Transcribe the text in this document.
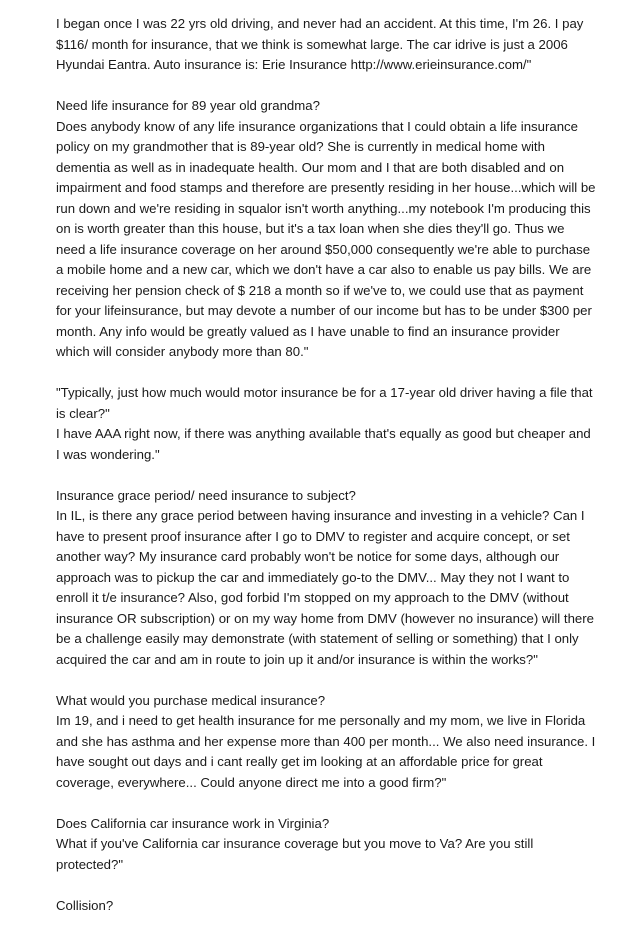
I began once I was 22 yrs old driving, and never had an accident. At this time, I'm 26. I pay $116/ month for insurance, that we think is somewhat large. The car idrive is just a 2006 Hyundai Eantra. Auto insurance is: Erie Insurance http://www.erieinsurance.com/"

Need life insurance for 89 year old grandma?

Does anybody know of any life insurance organizations that I could obtain a life insurance policy on my grandmother that is 89-year old? She is currently in medical home with dementia as well as in inadequate health. Our mom and I that are both disabled and on impairment and food stamps and therefore are presently residing in her house...which will be run down and we're residing in squalor isn't worth anything...my notebook I'm producing this on is worth greater than this house, but it's a tax loan when she dies they'll go. Thus we need a life insurance coverage on her around $50,000 consequently we're able to purchase a mobile home and a new car, which we don't have a car also to enable us pay bills. We are receiving her pension check of $ 218 a month so if we've to, we could use that as payment for your lifeinsurance, but may devote a number of our income but has to be under $300 per month. Any info would be greatly valued as I have unable to find an insurance provider which will consider anybody more than 80."

"Typically, just how much would motor insurance be for a 17-year old driver having a file that is clear?"

I have AAA right now, if there was anything available that's equally as good but cheaper and I was wondering."

Insurance grace period/ need insurance to subject?

In IL, is there any grace period between having insurance and investing in a vehicle? Can I have to present proof insurance after I go to DMV to register and acquire concept, or set another way? My insurance card probably won't be notice for some days, although our approach was to pickup the car and immediately go-to the DMV... May they not I want to enroll it t/e insurance? Also, god forbid I'm stopped on my approach to the DMV (without insurance OR subscription) or on my way home from DMV (however no insurance) will there be a challenge easily may demonstrate (with statement of selling or something) that I only acquired the car and am in route to join up it and/or insurance is within the works?"

What would you purchase medical insurance?

Im 19, and i need to get health insurance for me personally and my mom, we live in Florida and she has asthma and her expense more than 400 per month... We also need insurance. I have sought out days and i cant really get im looking at an affordable price for great coverage, everywhere... Could anyone direct me into a good firm?"

Does California car insurance work in Virginia?

What if you've California car insurance coverage but you move to Va? Are you still protected?"

Collision?
